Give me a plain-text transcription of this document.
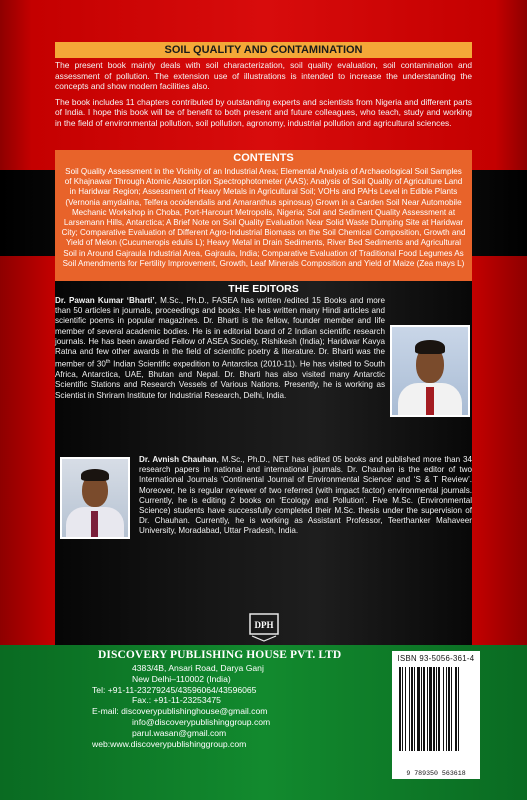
SOIL QUALITY AND CONTAMINATION

The present book mainly deals with soil characterization, soil quality evaluation, soil contamination and assessment of pollution. The extension use of illustrations is intended to increase the understanding the concepts and show modern facilities also.

The book includes 11 chapters contributed by outstanding experts and scientists from Nigeria and different parts of India. I hope this book will be of benefit to both present and future colleagues, who teach, study and working in the field of environmental pollution, soil pollution, agronomy, industrial pollution and agricultural sciences.

CONTENTS
Soil Quality Assessment in the Vicinity of an Industrial Area; Elemental Analysis of Archaeological Soil Samples of Khajnawar Through Atomic Absorption Spectrophotometer (AAS); Analysis of Soil Quality of Agriculture Land in Haridwar Region; Assessment of Heavy Metals in Agricultural Soil; VOHs and PAHs Level in Edible Plants (Vernonia amydalina, Telfera ocoidendalis and Amaranthus spinosus) Grown in a Garden Soil Near Automobile Mechanic Workshop in Choba, Port-Harcourt Metropolis, Nigeria; Soil and Sediment Quality Assessment at Larsemann Hills, Antarctica; A Brief Note on Soil Quality Evaluation Near Solid Waste Dumping Site at Haridwar City; Comparative Evaluation of Different Agro-Industrial Biomass on the Soil Chemical Composition, Growth and Yield of Melon (Cucumeropis edulis L); Heavy Metal in Drain Sediments, River Bed Sediments and Agricultural Soil in Around Gajraula Industrial Area, Gajraula, India; Comparative Evaluation of Traditional Food Legumes As Soil Amendments for Fertility Improvement, Growth, Leaf Minerals Composition and Yield of Maize (Zea mays L)
THE EDITORS
Dr. Pawan Kumar ‘Bharti’, M.Sc., Ph.D., FASEA has written /edited 15 Books and more than 50 articles in journals, proceedings and books. He has written many Hindi articles and scientific poems in popular magazines. Dr. Bharti is the fellow, founder member and life member of several academic bodies. He is in editorial board of 2 Indian scientific research journals. He has been awarded Fellow of ASEA Society, Rishikesh (India); Haridwar Kavya Ratna and few other awards in the field of scientific poetry & literature. Dr. Bharti was the member of 30th Indian Scientific expedition to Antarctica (2010-11). He has visited to South Africa, Antarctica, UAE, Bhutan and Nepal. Dr. Bharti has also visited many Antarctic Scientific Stations and Research Vessels of Various Nations. Presently, he is working as Scientist in Shriram Institute for Industrial Research, Delhi, India.
Dr. Avnish Chauhan, M.Sc., Ph.D., NET has edited 05 books and published more than 34 research papers in national and international journals. Dr. Chauhan is the editor of two International Journals ‘Continental Journal of Environmental Science’ and ‘S & T Review’. Moreover, he is regular reviewer of two referred (with impact factor) environmental journals. Currently, he is editing 2 books on ‘Ecology and Pollution’. Five M.Sc. (Environmental Science) students have successfully completed their M.Sc. thesis under the supervision of Dr. Chauhan. Currently, he is working as Assistant Professor, Teerthanker Mahaveer University, Moradabad, Uttar Pradesh, India.
DPH
DISCOVERY PUBLISHING HOUSE PVT. LTD
4383/4B, Ansari Road, Darya Ganj
New Delhi–110002 (India)
Tel: +91-11-23279245/43596064/43596065
Fax.: +91-11-23253475
E-mail: discoverypublishinghouse@gmail.com
info@discoverypublishinggroup.com
parul.wasan@gmail.com
web:www.discoverypublishinggroup.com
ISBN 93-5056-361-4
9 789350 563618
